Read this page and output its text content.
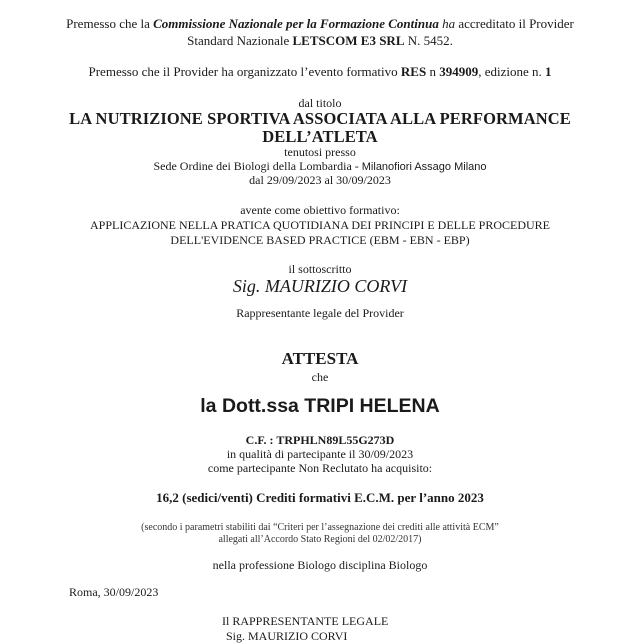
Premesso che la Commissione Nazionale per la Formazione Continua ha accreditato il Provider
Standard Nazionale LETSCOM E3 SRL N. 5452.
Premesso che il Provider ha organizzato l’evento formativo RES n 394909, edizione n. 1
dal titolo
LA NUTRIZIONE SPORTIVA ASSOCIATA ALLA PERFORMANCE
DELL’ATLETA
tenutosi presso
Sede Ordine dei Biologi della Lombardia - Milanofiori Assago Milano
dal 29/09/2023 al 30/09/2023
avente come obiettivo formativo:
APPLICAZIONE NELLA PRATICA QUOTIDIANA DEI PRINCIPI E DELLE PROCEDURE
DELL'EVIDENCE BASED PRACTICE (EBM - EBN - EBP)
il sottoscritto
Sig. MAURIZIO CORVI
Rappresentante legale del Provider
ATTESTA
che
la Dott.ssa TRIPI HELENA
C.F. : TRPHLN89L55G273D
in qualità di partecipante il 30/09/2023
come partecipante Non Reclutato ha acquisito:
16,2 (sedici/venti) Crediti formativi E.C.M. per l’anno 2023
(secondo i parametri stabiliti dai “Criteri per l’assegnazione dei crediti alle attività ECM”
allegati all’Accordo Stato Regioni del 02/02/2017)
nella professione Biologo disciplina Biologo
Roma, 30/09/2023
Il RAPPRESENTANTE LEGALE
Sig. MAURIZIO CORVI
